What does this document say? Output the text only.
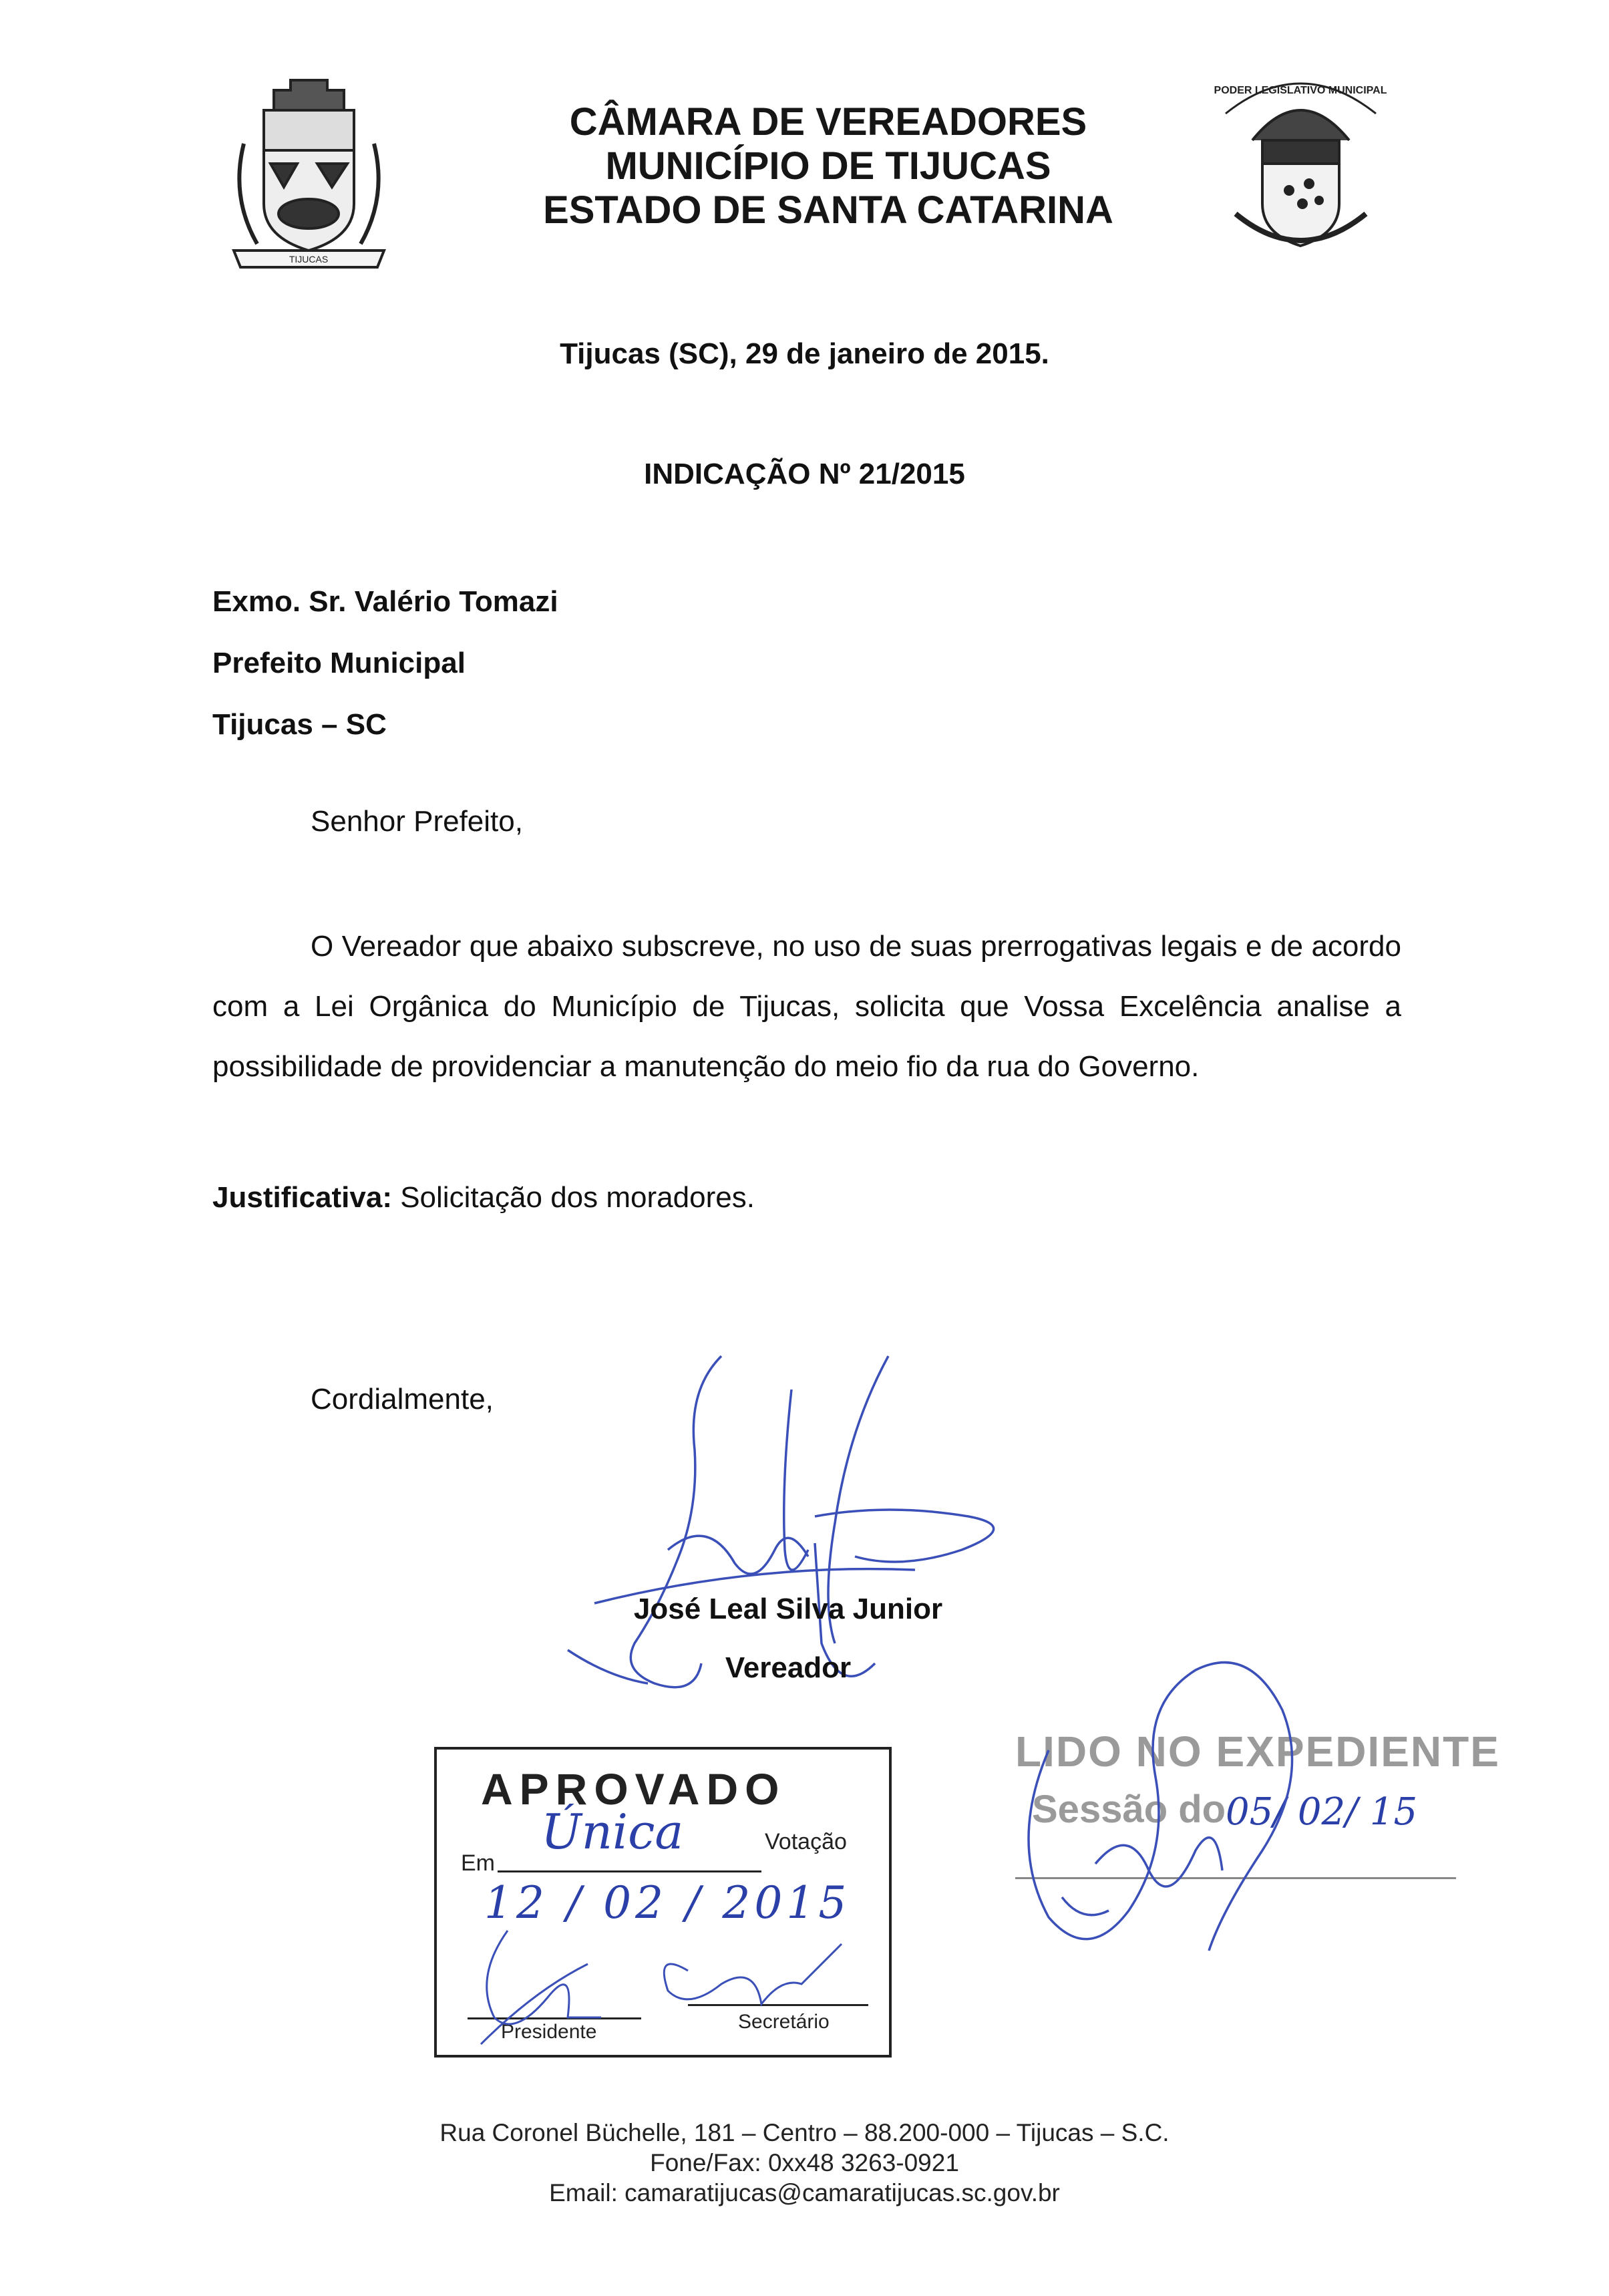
TIJUCAS
PODER LEGISLATIVO MUNICIPAL
CÂMARA DE VEREADORES
MUNICÍPIO DE TIJUCAS
ESTADO DE SANTA CATARINA
Tijucas (SC), 29 de janeiro de 2015.
INDICAÇÃO Nº 21/2015
Exmo. Sr. Valério Tomazi
Prefeito Municipal
Tijucas – SC
Senhor Prefeito,
O Vereador que abaixo subscreve, no uso de suas prerrogativas legais e de acordo com a Lei Orgânica do Município de Tijucas, solicita que Vossa Excelência analise a possibilidade de providenciar a manutenção do meio fio da rua do Governo.
Justificativa: Solicitação dos moradores.
Cordialmente,
José Leal Silva Junior
Vereador
APROVADO
Em
Votação
Única
12 / 02 / 2015
Presidente	Secretário
LIDO NO EXPEDIENTE
Sessão do 05/ 02/ 15
Rua Coronel Büchelle, 181 – Centro – 88.200-000 – Tijucas – S.C.
Fone/Fax: 0xx48 3263-0921
Email: camaratijucas@camaratijucas.sc.gov.br
